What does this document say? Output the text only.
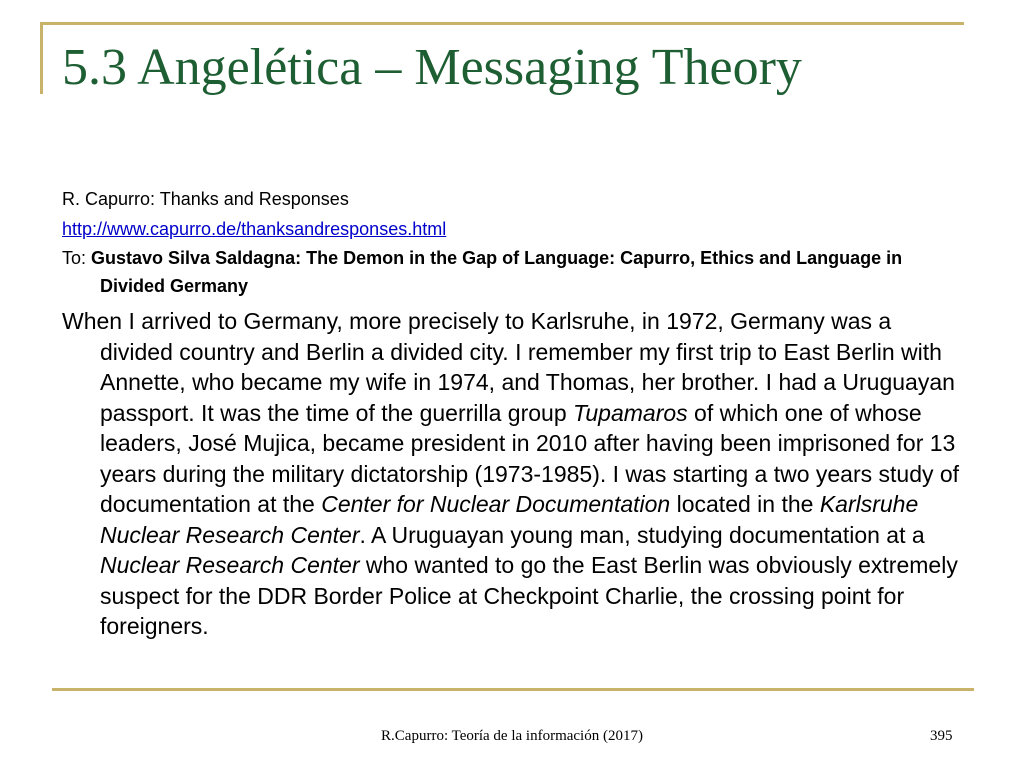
5.3 Angelética – Messaging Theory

R. Capurro: Thanks and Responses

http://www.capurro.de/thanksandresponses.html

To: Gustavo Silva Saldagna: The Demon in the Gap of Language: Capurro, Ethics and Language in Divided Germany

When I arrived to Germany, more precisely to Karlsruhe, in 1972, Germany was a divided country and Berlin a divided city. I remember my first trip to East Berlin with Annette, who became my wife in 1974, and Thomas, her brother. I had a Uruguayan passport. It was the time of the guerrilla group Tupamaros of which one of whose leaders, José Mujica, became president in 2010 after having been imprisoned for 13 years during the military dictatorship (1973-1985). I was starting a two years study of documentation at the Center for Nuclear Documentation located in the Karlsruhe Nuclear Research Center. A Uruguayan young man, studying documentation at a Nuclear Research Center who wanted to go the East Berlin was obviously extremely suspect for the DDR Border Police at Checkpoint Charlie, the crossing point for foreigners.

R.Capurro: Teoría de la información (2017)	395
